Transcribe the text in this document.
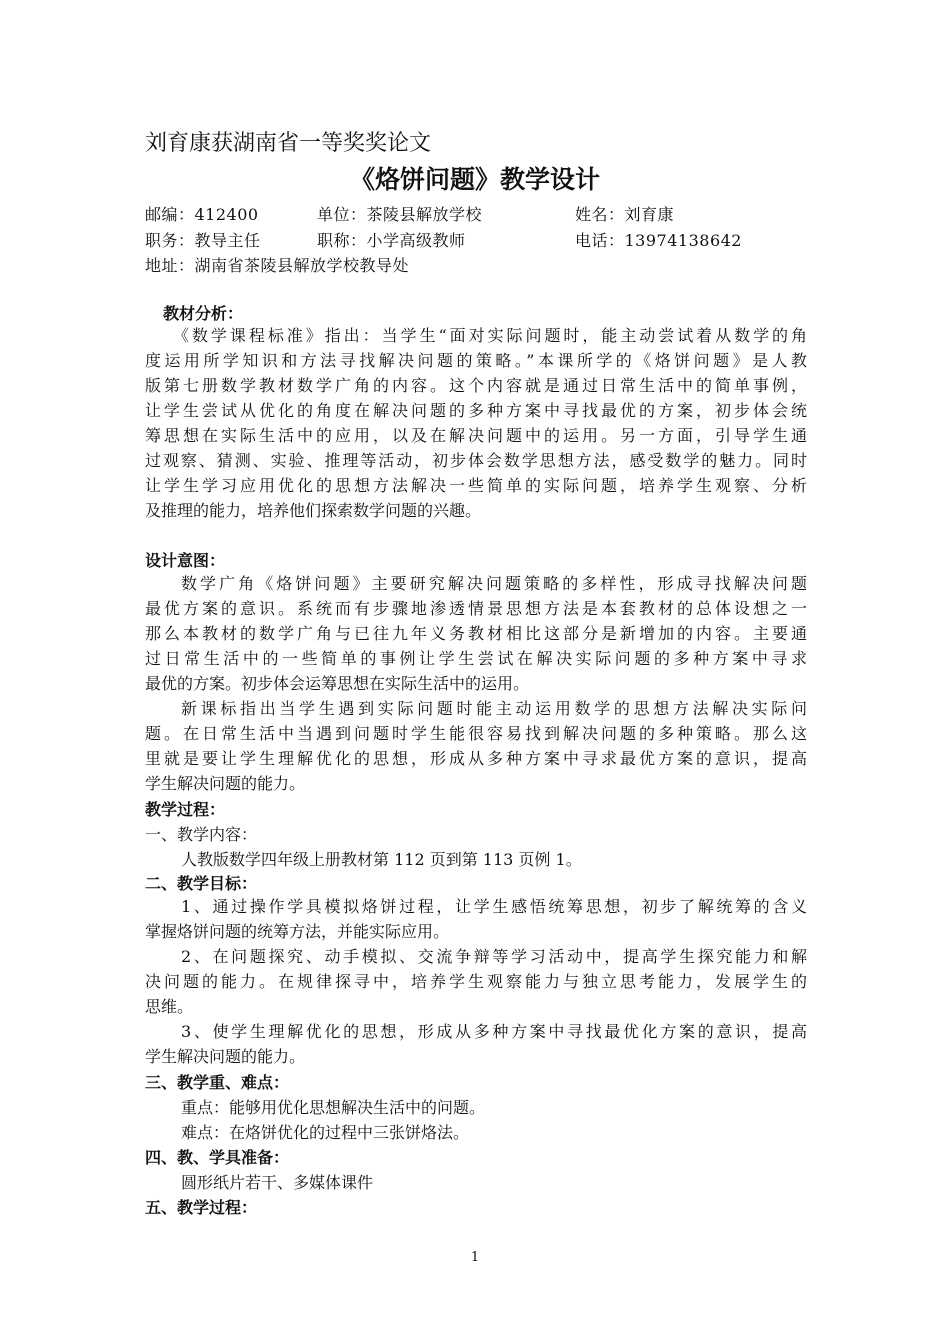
刘育康获湖南省一等奖奖论文
《烙饼问题》教学设计
邮编：412400	单位：茶陵县解放学校	姓名：刘育康
职务：教导主任	职称：小学高级教师	电话：13974138642
地址：湖南省茶陵县解放学校教导处
教材分析：
《数学课程标准》指出：当学生“面对实际问题时，能主动尝试着从数学的角
度运用所学知识和方法寻找解决问题的策略。”本课所学的《烙饼问题》是人教
版第七册数学教材数学广角的内容。这个内容就是通过日常生活中的简单事例，
让学生尝试从优化的角度在解决问题的多种方案中寻找最优的方案，初步体会统
筹思想在实际生活中的应用，以及在解决问题中的运用。另一方面，引导学生通
过观察、猜测、实验、推理等活动，初步体会数学思想方法，感受数学的魅力。同时
让学生学习应用优化的思想方法解决一些简单的实际问题，培养学生观察、分析
及推理的能力，培养他们探索数学问题的兴趣。
设计意图：
数学广角《烙饼问题》主要研究解决问题策略的多样性，形成寻找解决问题
最优方案的意识。系统而有步骤地渗透情景思想方法是本套教材的总体设想之一
那么本教材的数学广角与已往九年义务教材相比这部分是新增加的内容。主要通
过日常生活中的一些简单的事例让学生尝试在解决实际问题的多种方案中寻求
最优的方案。初步体会运筹思想在实际生活中的运用。
新课标指出当学生遇到实际问题时能主动运用数学的思想方法解决实际问
题。在日常生活中当遇到问题时学生能很容易找到解决问题的多种策略。那么这
里就是要让学生理解优化的思想，形成从多种方案中寻求最优方案的意识，提高
学生解决问题的能力。
教学过程：
一、教学内容：
人教版数学四年级上册教材第 112 页到第 113 页例 1。
二、教学目标：
1、通过操作学具模拟烙饼过程，让学生感悟统筹思想，初步了解统筹的含义
掌握烙饼问题的统筹方法，并能实际应用。
2、在问题探究、动手模拟、交流争辩等学习活动中，提高学生探究能力和解
决问题的能力。在规律探寻中，培养学生观察能力与独立思考能力，发展学生的
思维。
3、使学生理解优化的思想，形成从多种方案中寻找最优化方案的意识，提高
学生解决问题的能力。
三、教学重、难点：
重点：能够用优化思想解决生活中的问题。
难点：在烙饼优化的过程中三张饼烙法。
四、教、学具准备：
圆形纸片若干、多媒体课件
五、教学过程：
1
